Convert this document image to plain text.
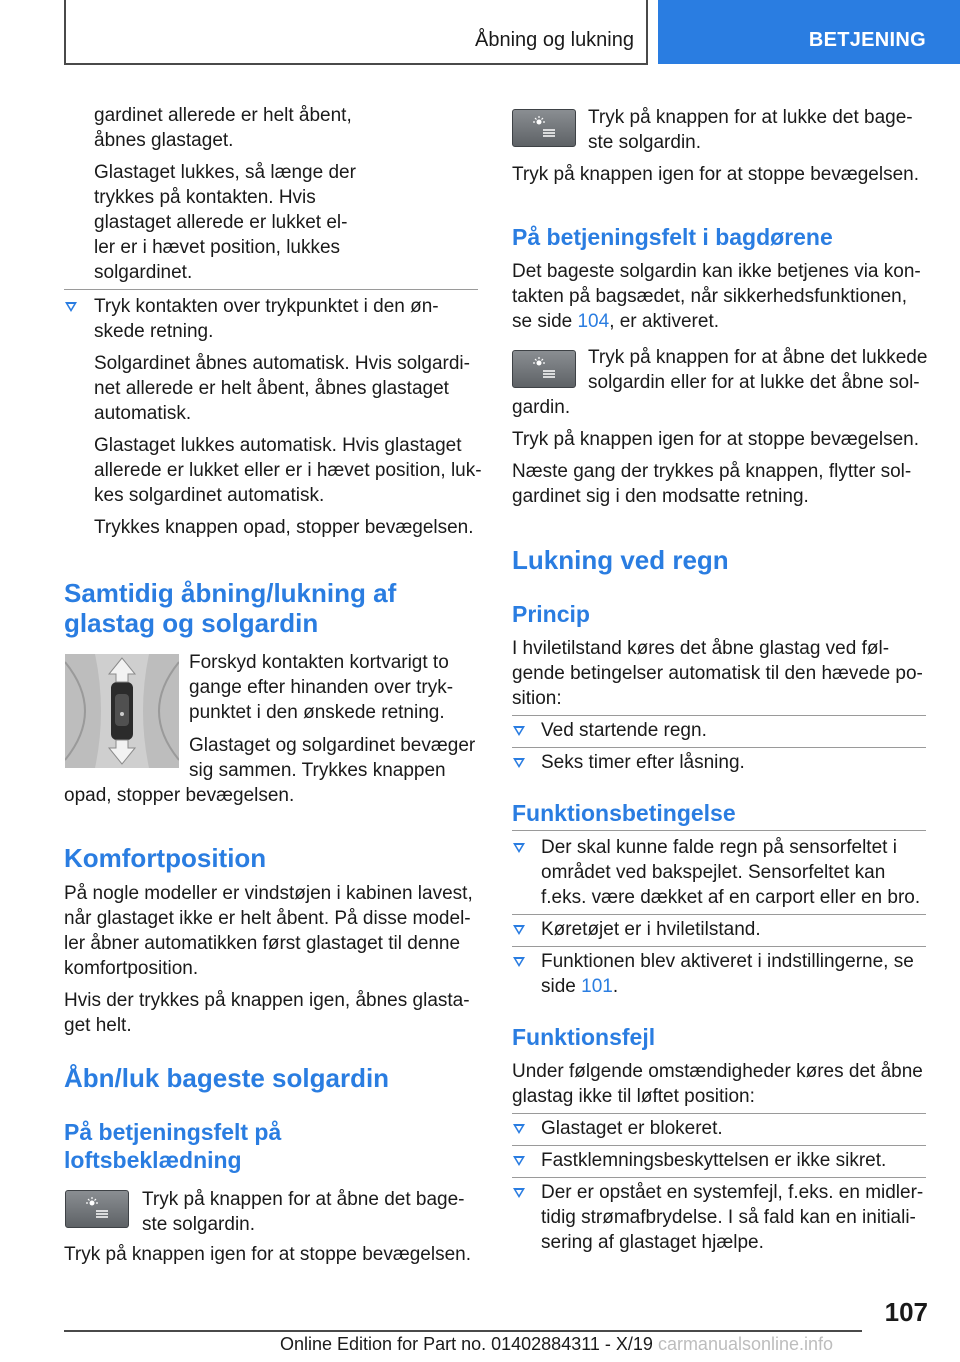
Åbning og lukning	BETJENING
gardinet allerede er helt åbent,
åbnes glastaget.
Glastaget lukkes, så længe der
trykkes på kontakten. Hvis
glastaget allerede er lukket el-
ler er i hævet position, lukkes
solgardinet.
Tryk kontakten over trykpunktet i den øn-
skede retning.
Solgardinet åbnes automatisk. Hvis solgardi-
net allerede er helt åbent, åbnes glastaget
automatisk.
Glastaget lukkes automatisk. Hvis glastaget
allerede er lukket eller er i hævet position, luk-
kes solgardinet automatisk.
Trykkes knappen opad, stopper bevægelsen.
Samtidig åbning/lukning af
glastag og solgardin
Forskyd kontakten kortvarigt to
gange efter hinanden over tryk-
punktet i den ønskede retning.
Glastaget og solgardinet bevæger
sig sammen. Trykkes knappen
opad, stopper bevægelsen.
Komfortposition
På nogle modeller er vindstøjen i kabinen lavest,
når glastaget ikke er helt åbent. På disse model-
ler åbner automatikken først glastaget til denne
komfortposition.
Hvis der trykkes på knappen igen, åbnes glasta-
get helt.
Åbn/luk bageste solgardin
På betjeningsfelt på
loftsbeklædning
Tryk på knappen for at åbne det bage-
ste solgardin.
Tryk på knappen igen for at stoppe bevægelsen.
Tryk på knappen for at lukke det bage-
ste solgardin.
Tryk på knappen igen for at stoppe bevægelsen.
På betjeningsfelt i bagdørene
Det bageste solgardin kan ikke betjenes via kon-
takten på bagsædet, når sikkerhedsfunktionen,
se side 104, er aktiveret.
Tryk på knappen for at åbne det lukkede
solgardin eller for at lukke det åbne sol-
gardin.
Tryk på knappen igen for at stoppe bevægelsen.
Næste gang der trykkes på knappen, flytter sol-
gardinet sig i den modsatte retning.
Lukning ved regn
Princip
I hviletilstand køres det åbne glastag ved føl-
gende betingelser automatisk til den hævede po-
sition:
Ved startende regn.
Seks timer efter låsning.
Funktionsbetingelse
Der skal kunne falde regn på sensorfeltet i
området ved bakspejlet. Sensorfeltet kan
f.eks. være dækket af en carport eller en bro.
Køretøjet er i hviletilstand.
Funktionen blev aktiveret i indstillingerne, se
side 101.
Funktionsfejl
Under følgende omstændigheder køres det åbne
glastag ikke til løftet position:
Glastaget er blokeret.
Fastklemningsbeskyttelsen er ikke sikret.
Der er opstået en systemfejl, f.eks. en midler-
tidig strømafbrydelse. I så fald kan en initiali-
sering af glastaget hjælpe.
107
Online Edition for Part no. 01402884311 - X/19 carmanualsonline.info
